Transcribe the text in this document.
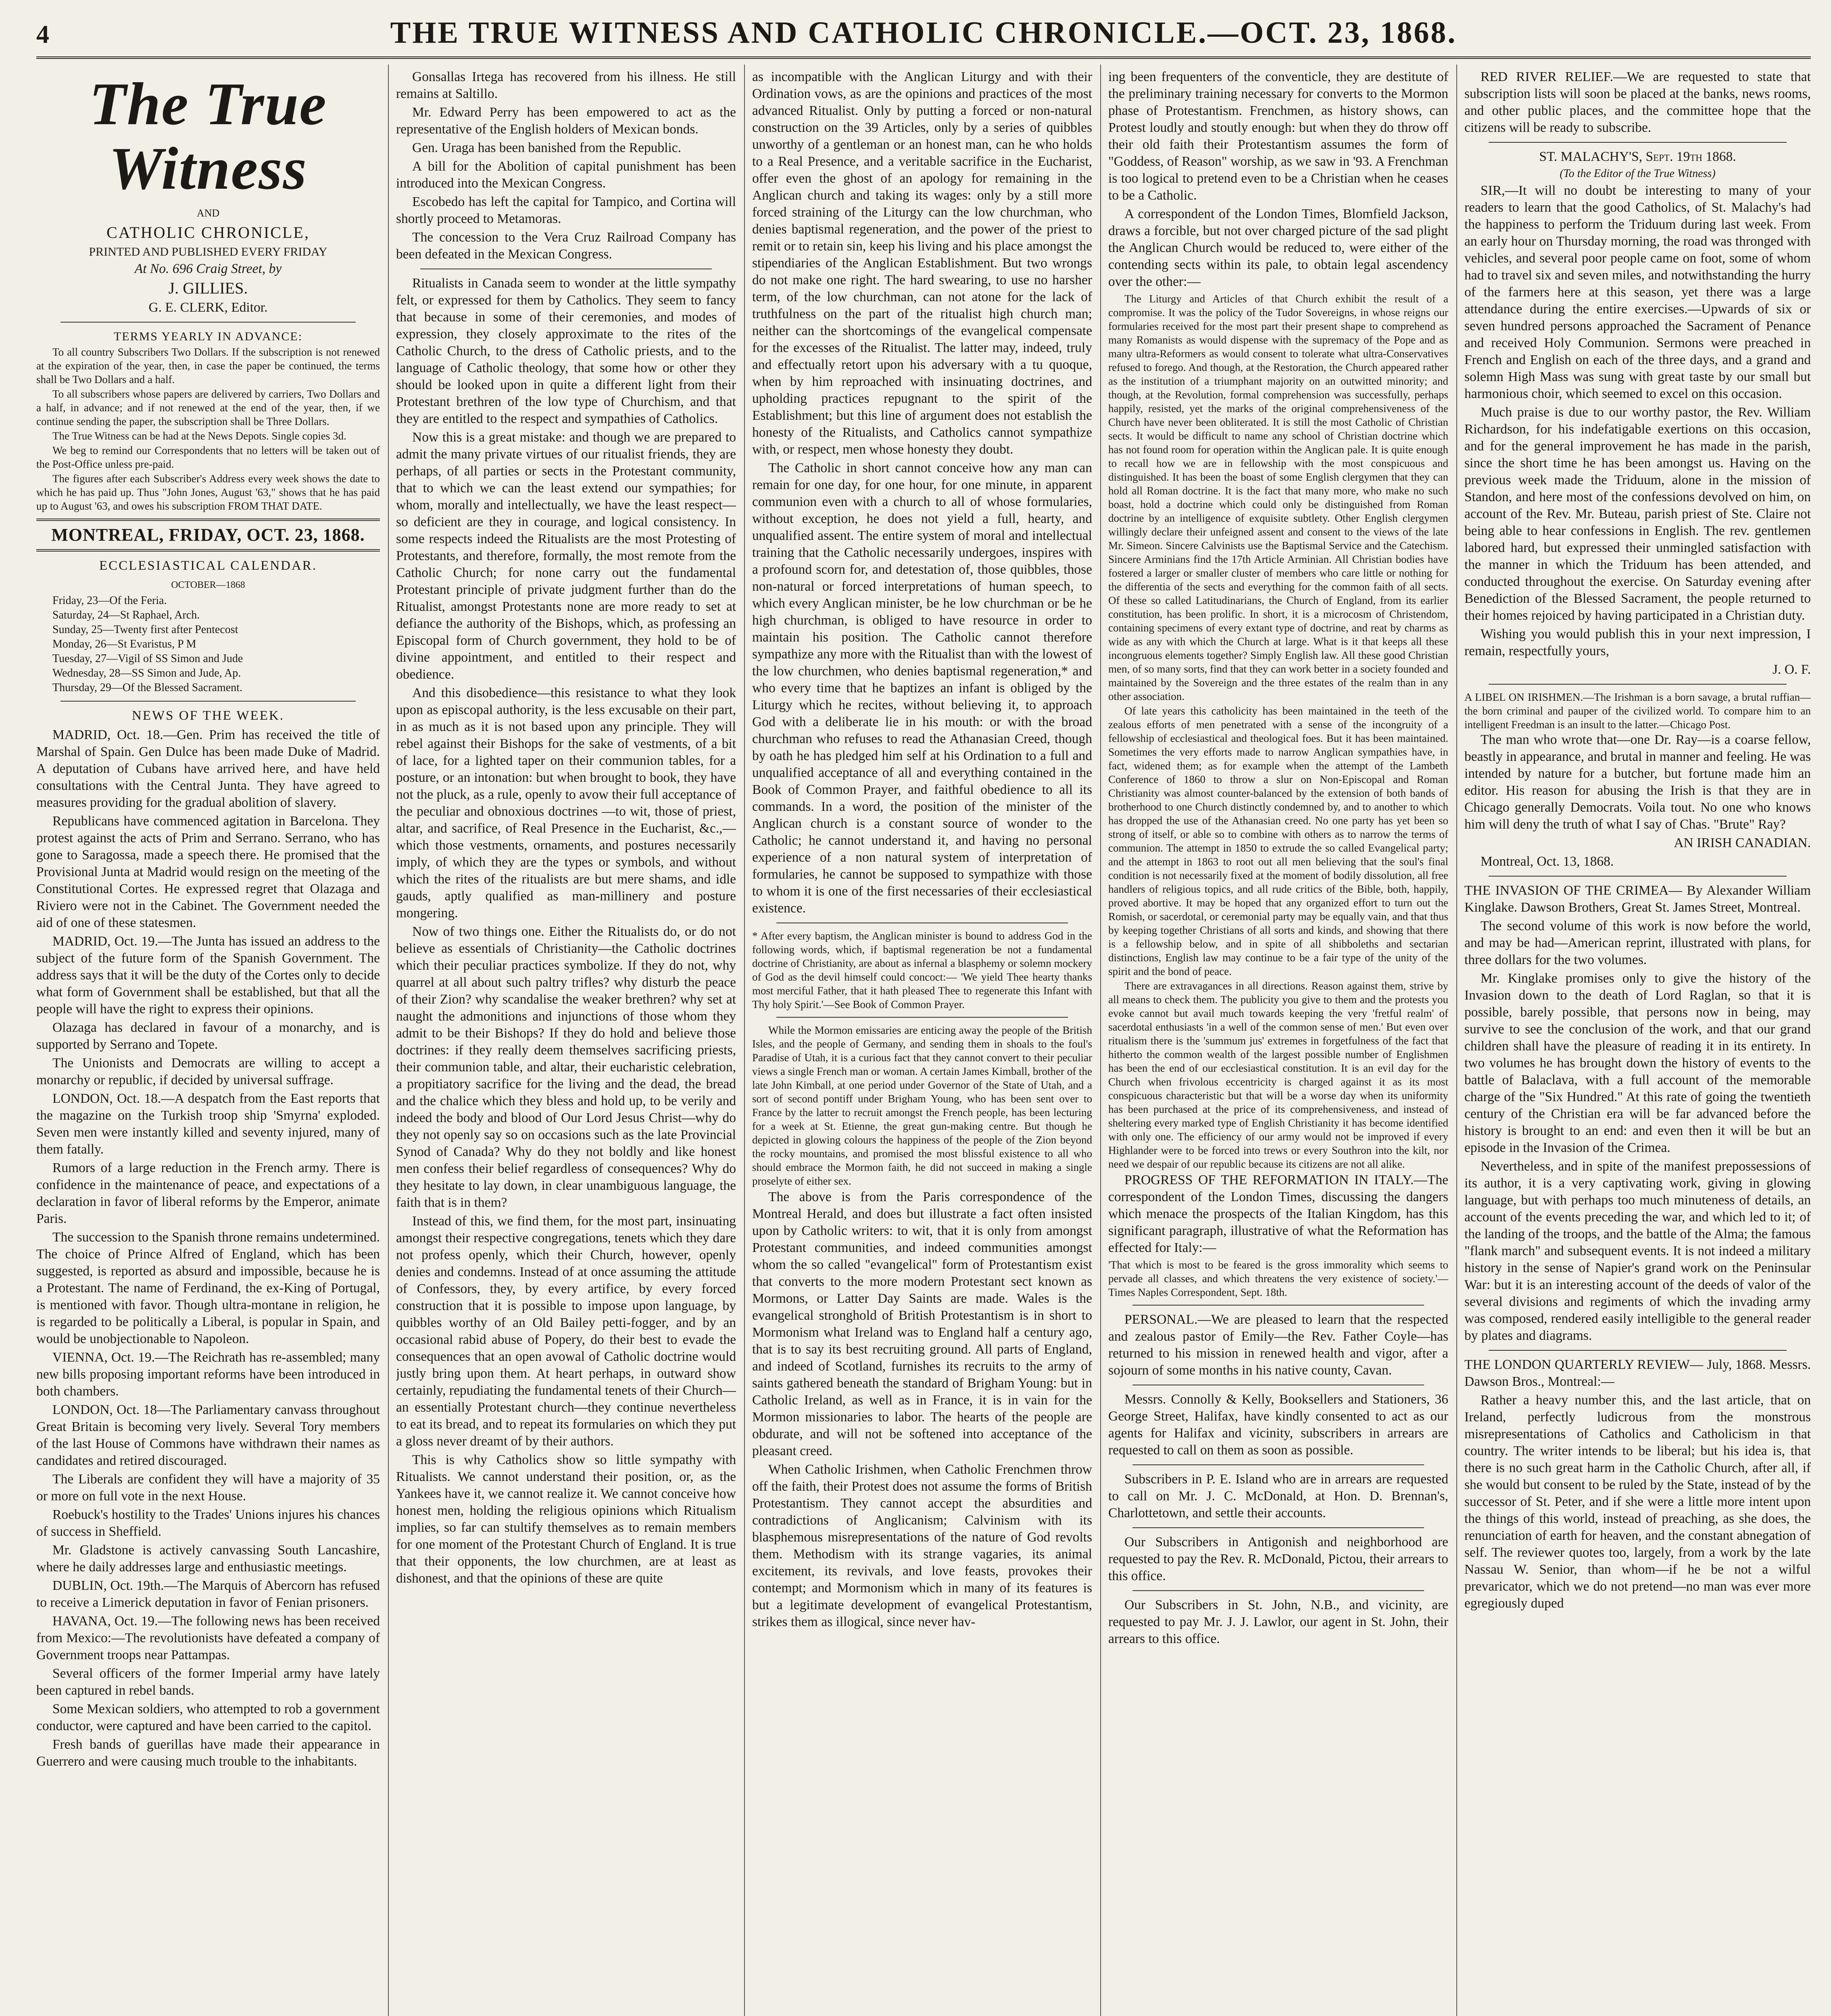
4	THE TRUE WITNESS AND CATHOLIC CHRONICLE.—OCT. 23, 1868.
The True Witness
AND
CATHOLIC CHRONICLE,
PRINTED AND PUBLISHED EVERY FRIDAY
At No. 696 Craig Street, by
J. GILLIES.
G. E. CLERK, Editor.
TERMS YEARLY IN ADVANCE:

To all country Subscribers Two Dollars. If the subscription is not renewed at the expiration of the year, then, in case the paper be continued, the terms shall be Two Dollars and a half.

To all subscribers whose papers are delivered by carriers, Two Dollars and a half, in advance; and if not renewed at the end of the year, then, if we continue sending the paper, the subscription shall be Three Dollars.

The True Witness can be had at the News Depots. Single copies 3d.

We beg to remind our Correspondents that no letters will be taken out of the Post-Office unless pre-paid.

The figures after each Subscriber's Address every week shows the date to which he has paid up. Thus "John Jones, August '63," shows that he has paid up to August '63, and owes his subscription FROM THAT DATE.

MONTREAL, FRIDAY, OCT. 23, 1868.
ECCLESIASTICAL CALENDAR.
OCTOBER—1868
Friday, 23—Of the Feria.
Saturday, 24—St Raphael, Arch.
Sunday, 25—Twenty first after Pentecost
Monday, 26—St Evaristus, P M
Tuesday, 27—Vigil of SS Simon and Jude
Wednesday, 28—SS Simon and Jude, Ap.
Thursday, 29—Of the Blessed Sacrament.
NEWS OF THE WEEK.

MADRID, Oct. 18.—Gen. Prim has received the title of Marshal of Spain. Gen Dulce has been made Duke of Madrid. A deputation of Cubans have arrived here, and have held consultations with the Central Junta. They have agreed to measures providing for the gradual abolition of slavery.

Republicans have commenced agitation in Barcelona. They protest against the acts of Prim and Serrano. Serrano, who has gone to Saragossa, made a speech there. He promised that the Provisional Junta at Madrid would resign on the meeting of the Constitutional Cortes. He expressed regret that Olazaga and Riviero were not in the Cabinet. The Government needed the aid of one of these statesmen.

MADRID, Oct. 19.—The Junta has issued an address to the subject of the future form of the Spanish Government. The address says that it will be the duty of the Cortes only to decide what form of Government shall be established, but that all the people will have the right to express their opinions.

Olazaga has declared in favour of a monarchy, and is supported by Serrano and Topete.

The Unionists and Democrats are willing to accept a monarchy or republic, if decided by universal suffrage.

LONDON, Oct. 18.—A despatch from the East reports that the magazine on the Turkish troop ship 'Smyrna' exploded. Seven men were instantly killed and seventy injured, many of them fatally.

Rumors of a large reduction in the French army. There is confidence in the maintenance of peace, and expectations of a declaration in favor of liberal reforms by the Emperor, animate Paris.

The succession to the Spanish throne remains undetermined. The choice of Prince Alfred of England, which has been suggested, is reported as absurd and impossible, because he is a Protestant. The name of Ferdinand, the ex-King of Portugal, is mentioned with favor. Though ultra-montane in religion, he is regarded to be politically a Liberal, is popular in Spain, and would be unobjectionable to Napoleon.

VIENNA, Oct. 19.—The Reichrath has re-assembled; many new bills proposing important reforms have been introduced in both chambers.

LONDON, Oct. 18—The Parliamentary canvass throughout Great Britain is becoming very lively. Several Tory members of the last House of Commons have withdrawn their names as candidates and retired discouraged.

The Liberals are confident they will have a majority of 35 or more on full vote in the next House.

Roebuck's hostility to the Trades' Unions injures his chances of success in Sheffield.

Mr. Gladstone is actively canvassing South Lancashire, where he daily addresses large and enthusiastic meetings.

DUBLIN, Oct. 19th.—The Marquis of Abercorn has refused to receive a Limerick deputation in favor of Fenian prisoners.

HAVANA, Oct. 19.—The following news has been received from Mexico:—The revolutionists have defeated a company of Government troops near Pattampas.

Several officers of the former Imperial army have lately been captured in rebel bands.

Some Mexican soldiers, who attempted to rob a government conductor, were captured and have been carried to the capitol.

Fresh bands of guerillas have made their appearance in Guerrero and were causing much trouble to the inhabitants.

Gonsallas Irtega has recovered from his illness. He still remains at Saltillo.

Mr. Edward Perry has been empowered to act as the representative of the English holders of Mexican bonds.

Gen. Uraga has been banished from the Republic.

A bill for the Abolition of capital punishment has been introduced into the Mexican Congress.

Escobedo has left the capital for Tampico, and Cortina will shortly proceed to Metamoras.

The concession to the Vera Cruz Railroad Company has been defeated in the Mexican Congress.

Ritualists in Canada seem to wonder at the little sympathy felt, or expressed for them by Catholics. They seem to fancy that because in some of their ceremonies, and modes of expression, they closely approximate to the rites of the Catholic Church, to the dress of Catholic priests, and to the language of Catholic theology, that some how or other they should be looked upon in quite a different light from their Protestant brethren of the low type of Churchism, and that they are entitled to the respect and sympathies of Catholics.

Now this is a great mistake: and though we are prepared to admit the many private virtues of our ritualist friends, they are perhaps, of all parties or sects in the Protestant community, that to which we can the least extend our sympathies; for whom, morally and intellectually, we have the least respect—so deficient are they in courage, and logical consistency. In some respects indeed the Ritualists are the most Protesting of Protestants, and therefore, formally, the most remote from the Catholic Church; for none carry out the fundamental Protestant principle of private judgment further than do the Ritualist, amongst Protestants none are more ready to set at defiance the authority of the Bishops, which, as professing an Episcopal form of Church government, they hold to be of divine appointment, and entitled to their respect and obedience.

And this disobedience—this resistance to what they look upon as episcopal authority, is the less excusable on their part, in as much as it is not based upon any principle. They will rebel against their Bishops for the sake of vestments, of a bit of lace, for a lighted taper on their communion tables, for a posture, or an intonation: but when brought to book, they have not the pluck, as a rule, openly to avow their full acceptance of the peculiar and obnoxious doctrines —to wit, those of priest, altar, and sacrifice, of Real Presence in the Eucharist, &c.,—which those vestments, ornaments, and postures necessarily imply, of which they are the types or symbols, and without which the rites of the ritualists are but mere shams, and idle gauds, aptly qualified as man-millinery and posture mongering.

Now of two things one. Either the Ritualists do, or do not believe as essentials of Christianity—the Catholic doctrines which their peculiar practices symbolize. If they do not, why quarrel at all about such paltry trifles? why disturb the peace of their Zion? why scandalise the weaker brethren? why set at naught the admonitions and injunctions of those whom they admit to be their Bishops? If they do hold and believe those doctrines: if they really deem themselves sacrificing priests, their communion table, and altar, their eucharistic celebration, a propitiatory sacrifice for the living and the dead, the bread and the chalice which they bless and hold up, to be verily and indeed the body and blood of Our Lord Jesus Christ—why do they not openly say so on occasions such as the late Provincial Synod of Canada? Why do they not boldly and like honest men confess their belief regardless of consequences? Why do they hesitate to lay down, in clear unambiguous language, the faith that is in them?

Instead of this, we find them, for the most part, insinuating amongst their respective congregations, tenets which they dare not profess openly, which their Church, however, openly denies and condemns. Instead of at once assuming the attitude of Confessors, they, by every artifice, by every forced construction that it is possible to impose upon language, by quibbles worthy of an Old Bailey petti-fogger, and by an occasional rabid abuse of Popery, do their best to evade the consequences that an open avowal of Catholic doctrine would justly bring upon them. At heart perhaps, in outward show certainly, repudiating the fundamental tenets of their Church—an essentially Protestant church—they continue nevertheless to eat its bread, and to repeat its formularies on which they put a gloss never dreamt of by their authors.

This is why Catholics show so little sympathy with Ritualists. We cannot understand their position, or, as the Yankees have it, we cannot realize it. We cannot conceive how honest men, holding the religious opinions which Ritualism implies, so far can stultify themselves as to remain members for one moment of the Protestant Church of England. It is true that their opponents, the low churchmen, are at least as dishonest, and that the opinions of these are quite

as incompatible with the Anglican Liturgy and with their Ordination vows, as are the opinions and practices of the most advanced Ritualist. Only by putting a forced or non-natural construction on the 39 Articles, only by a series of quibbles unworthy of a gentleman or an honest man, can he who holds to a Real Presence, and a veritable sacrifice in the Eucharist, offer even the ghost of an apology for remaining in the Anglican church and taking its wages: only by a still more forced straining of the Liturgy can the low churchman, who denies baptismal regeneration, and the power of the priest to remit or to retain sin, keep his living and his place amongst the stipendiaries of the Anglican Establishment. But two wrongs do not make one right. The hard swearing, to use no harsher term, of the low churchman, can not atone for the lack of truthfulness on the part of the ritualist high church man; neither can the shortcomings of the evangelical compensate for the excesses of the Ritualist. The latter may, indeed, truly and effectually retort upon his adversary with a tu quoque, when by him reproached with insinuating doctrines, and upholding practices repugnant to the spirit of the Establishment; but this line of argument does not establish the honesty of the Ritualists, and Catholics cannot sympathize with, or respect, men whose honesty they doubt.

The Catholic in short cannot conceive how any man can remain for one day, for one hour, for one minute, in apparent communion even with a church to all of whose formularies, without exception, he does not yield a full, hearty, and unqualified assent. The entire system of moral and intellectual training that the Catholic necessarily undergoes, inspires with a profound scorn for, and detestation of, those quibbles, those non-natural or forced interpretations of human speech, to which every Anglican minister, be he low churchman or be he high churchman, is obliged to have resource in order to maintain his position. The Catholic cannot therefore sympathize any more with the Ritualist than with the lowest of the low churchmen, who denies baptismal regeneration,* and who every time that he baptizes an infant is obliged by the Liturgy which he recites, without believing it, to approach God with a deliberate lie in his mouth: or with the broad churchman who refuses to read the Athanasian Creed, though by oath he has pledged him self at his Ordination to a full and unqualified acceptance of all and everything contained in the Book of Common Prayer, and faithful obedience to all its commands. In a word, the position of the minister of the Anglican church is a constant source of wonder to the Catholic; he cannot understand it, and having no personal experience of a non natural system of interpretation of formularies, he cannot be supposed to sympathize with those to whom it is one of the first necessaries of their ecclesiastical existence.

* After every baptism, the Anglican minister is bound to address God in the following words, which, if baptismal regeneration be not a fundamental doctrine of Christianity, are about as infernal a blasphemy or solemn mockery of God as the devil himself could concoct:— 'We yield Thee hearty thanks most merciful Father, that it hath pleased Thee to regenerate this Infant with Thy holy Spirit.'—See Book of Common Prayer.

While the Mormon emissaries are enticing away the people of the British Isles, and the people of Germany, and sending them in shoals to the foul's Paradise of Utah, it is a curious fact that they cannot convert to their peculiar views a single French man or woman. A certain James Kimball, brother of the late John Kimball, at one period under Governor of the State of Utah, and a sort of second pontiff under Brigham Young, who has been sent over to France by the latter to recruit amongst the French people, has been lecturing for a week at St. Etienne, the great gun-making centre. But though he depicted in glowing colours the happiness of the people of the Zion beyond the rocky mountains, and promised the most blissful existence to all who should embrace the Mormon faith, he did not succeed in making a single proselyte of either sex.

The above is from the Paris correspondence of the Montreal Herald, and does but illustrate a fact often insisted upon by Catholic writers: to wit, that it is only from amongst Protestant communities, and indeed communities amongst whom the so called "evangelical" form of Protestantism exist that converts to the more modern Protestant sect known as Mormons, or Latter Day Saints are made. Wales is the evangelical stronghold of British Protestantism is in short to Mormonism what Ireland was to England half a century ago, that is to say its best recruiting ground. All parts of England, and indeed of Scotland, furnishes its recruits to the army of saints gathered beneath the standard of Brigham Young: but in Catholic Ireland, as well as in France, it is in vain for the Mormon missionaries to labor. The hearts of the people are obdurate, and will not be softened into acceptance of the pleasant creed.

When Catholic Irishmen, when Catholic Frenchmen throw off the faith, their Protest does not assume the forms of British Protestantism. They cannot accept the absurdities and contradictions of Anglicanism; Calvinism with its blasphemous misrepresentations of the nature of God revolts them. Methodism with its strange vagaries, its animal excitement, its revivals, and love feasts, provokes their contempt; and Mormonism which in many of its features is but a legitimate development of evangelical Protestantism, strikes them as illogical, since never hav-

ing been frequenters of the conventicle, they are destitute of the preliminary training necessary for converts to the Mormon phase of Protestantism. Frenchmen, as history shows, can Protest loudly and stoutly enough: but when they do throw off their old faith their Protestantism assumes the form of "Goddess, of Reason" worship, as we saw in '93. A Frenchman is too logical to pretend even to be a Christian when he ceases to be a Catholic.

A correspondent of the London Times, Blomfield Jackson, draws a forcible, but not over charged picture of the sad plight the Anglican Church would be reduced to, were either of the contending sects within its pale, to obtain legal ascendency over the other:—

The Liturgy and Articles of that Church exhibit the result of a compromise. It was the policy of the Tudor Sovereigns, in whose reigns our formularies received for the most part their present shape to comprehend as many Romanists as would dispense with the supremacy of the Pope and as many ultra-Reformers as would consent to tolerate what ultra-Conservatives refused to forego. And though, at the Restoration, the Church appeared rather as the institution of a triumphant majority on an outwitted minority; and though, at the Revolution, formal comprehension was successfully, perhaps happily, resisted, yet the marks of the original comprehensiveness of the Church have never been obliterated. It is still the most Catholic of Christian sects. It would be difficult to name any school of Christian doctrine which has not found room for operation within the Anglican pale. It is quite enough to recall how we are in fellowship with the most conspicuous and distinguished. It has been the boast of some English clergymen that they can hold all Roman doctrine. It is the fact that many more, who make no such boast, hold a doctrine which could only be distinguished from Roman doctrine by an intelligence of exquisite subtlety. Other English clergymen willingly declare their unfeigned assent and consent to the views of the late Mr. Simeon. Sincere Calvinists use the Baptismal Service and the Catechism. Sincere Arminians find the 17th Article Arminian. All Christian bodies have fostered a larger or smaller cluster of members who care little or nothing for the differentia of the sects and everything for the common faith of all sects. Of these so called Latitudinarians, the Church of England, from its earlier constitution, has been prolific. In short, it is a microcosm of Christendom, containing specimens of every extant type of doctrine, and reat by charms as wide as any with which the Church at large. What is it that keeps all these incongruous elements together? Simply English law. All these good Christian men, of so many sorts, find that they can work better in a society founded and maintained by the Sovereign and the three estates of the realm than in any other association.

Of late years this catholicity has been maintained in the teeth of the zealous efforts of men penetrated with a sense of the incongruity of a fellowship of ecclesiastical and theological foes. But it has been maintained. Sometimes the very efforts made to narrow Anglican sympathies have, in fact, widened them; as for example when the attempt of the Lambeth Conference of 1860 to throw a slur on Non-Episcopal and Roman Christianity was almost counter-balanced by the extension of both bands of brotherhood to one Church distinctly condemned by, and to another to which has dropped the use of the Athanasian creed. No one party has yet been so strong of itself, or able so to combine with others as to narrow the terms of communion. The attempt in 1850 to extrude the so called Evangelical party; and the attempt in 1863 to root out all men believing that the soul's final condition is not necessarily fixed at the moment of bodily dissolution, all free handlers of religious topics, and all rude critics of the Bible, both, happily, proved abortive. It may be hoped that any organized effort to turn out the Romish, or sacerdotal, or ceremonial party may be equally vain, and that thus by keeping together Christians of all sorts and kinds, and showing that there is a fellowship below, and in spite of all shibboleths and sectarian distinctions, English law may continue to be a fair type of the unity of the spirit and the bond of peace.

There are extravagances in all directions. Reason against them, strive by all means to check them. The publicity you give to them and the protests you evoke cannot but avail much towards keeping the very 'fretful realm' of sacerdotal enthusiasts 'in a well of the common sense of men.' But even over ritualism there is the 'summum jus' extremes in forgetfulness of the fact that hitherto the common wealth of the largest possible number of Englishmen has been the end of our ecclesiastical constitution. It is an evil day for the Church when frivolous eccentricity is charged against it as its most conspicuous characteristic but that will be a worse day when its uniformity has been purchased at the price of its comprehensiveness, and instead of sheltering every marked type of English Christianity it has become identified with only one. The efficiency of our army would not be improved if every Highlander were to be forced into trews or every Southron into the kilt, nor need we despair of our republic because its citizens are not all alike.

PROGRESS OF THE REFORMATION IN ITALY.—The correspondent of the London Times, discussing the dangers which menace the prospects of the Italian Kingdom, has this significant paragraph, illustrative of what the Reformation has effected for Italy:—

'That which is most to be feared is the gross immorality which seems to pervade all classes, and which threatens the very existence of society.'—Times Naples Correspondent, Sept. 18th.

PERSONAL.—We are pleased to learn that the respected and zealous pastor of Emily—the Rev. Father Coyle—has returned to his mission in renewed health and vigor, after a sojourn of some months in his native county, Cavan.

Messrs. Connolly & Kelly, Booksellers and Stationers, 36 George Street, Halifax, have kindly consented to act as our agents for Halifax and vicinity, subscribers in arrears are requested to call on them as soon as possible.

Subscribers in P. E. Island who are in arrears are requested to call on Mr. J. C. McDonald, at Hon. D. Brennan's, Charlottetown, and settle their accounts.

Our Subscribers in Antigonish and neighborhood are requested to pay the Rev. R. McDonald, Pictou, their arrears to this office.

Our Subscribers in St. John, N.B., and vicinity, are requested to pay Mr. J. J. Lawlor, our agent in St. John, their arrears to this office.

RED RIVER RELIEF.—We are requested to state that subscription lists will soon be placed at the banks, news rooms, and other public places, and the committee hope that the citizens will be ready to subscribe.

ST. MALACHY'S, Sept. 19th 1868.
(To the Editor of the True Witness)

SIR,—It will no doubt be interesting to many of your readers to learn that the good Catholics, of St. Malachy's had the happiness to perform the Triduum during last week. From an early hour on Thursday morning, the road was thronged with vehicles, and several poor people came on foot, some of whom had to travel six and seven miles, and notwithstanding the hurry of the farmers here at this season, yet there was a large attendance during the entire exercises.—Upwards of six or seven hundred persons approached the Sacrament of Penance and received Holy Communion. Sermons were preached in French and English on each of the three days, and a grand and solemn High Mass was sung with great taste by our small but harmonious choir, which seemed to excel on this occasion.

Much praise is due to our worthy pastor, the Rev. William Richardson, for his indefatigable exertions on this occasion, and for the general improvement he has made in the parish, since the short time he has been amongst us. Having on the previous week made the Triduum, alone in the mission of Standon, and here most of the confessions devolved on him, on account of the Rev. Mr. Buteau, parish priest of Ste. Claire not being able to hear confessions in English. The rev. gentlemen labored hard, but expressed their unmingled satisfaction with the manner in which the Triduum has been attended, and conducted throughout the exercise. On Saturday evening after Benediction of the Blessed Sacrament, the people returned to their homes rejoiced by having participated in a Christian duty.

Wishing you would publish this in your next impression, I remain, respectfully yours,

J. O. F.

A LIBEL ON IRISHMEN.—The Irishman is a born savage, a brutal ruffian—the born criminal and pauper of the civilized world. To compare him to an intelligent Freedman is an insult to the latter.—Chicago Post.

The man who wrote that—one Dr. Ray—is a coarse fellow, beastly in appearance, and brutal in manner and feeling. He was intended by nature for a butcher, but fortune made him an editor. His reason for abusing the Irish is that they are in Chicago generally Democrats. Voila tout. No one who knows him will deny the truth of what I say of Chas. "Brute" Ray?

AN IRISH CANADIAN.

Montreal, Oct. 13, 1868.

THE INVASION OF THE CRIMEA— By Alexander William Kinglake. Dawson Brothers, Great St. James Street, Montreal.

The second volume of this work is now before the world, and may be had—American reprint, illustrated with plans, for three dollars for the two volumes.

Mr. Kinglake promises only to give the history of the Invasion down to the death of Lord Raglan, so that it is possible, barely possible, that persons now in being, may survive to see the conclusion of the work, and that our grand children shall have the pleasure of reading it in its entirety. In two volumes he has brought down the history of events to the battle of Balaclava, with a full account of the memorable charge of the "Six Hundred." At this rate of going the twentieth century of the Christian era will be far advanced before the history is brought to an end: and even then it will be but an episode in the Invasion of the Crimea.

Nevertheless, and in spite of the manifest prepossessions of its author, it is a very captivating work, giving in glowing language, but with perhaps too much minuteness of details, an account of the events preceding the war, and which led to it; of the landing of the troops, and the battle of the Alma; the famous "flank march" and subsequent events. It is not indeed a military history in the sense of Napier's grand work on the Peninsular War: but it is an interesting account of the deeds of valor of the several divisions and regiments of which the invading army was composed, rendered easily intelligible to the general reader by plates and diagrams.

THE LONDON QUARTERLY REVIEW— July, 1868. Messrs. Dawson Bros., Montreal:—

Rather a heavy number this, and the last article, that on Ireland, perfectly ludicrous from the monstrous misrepresentations of Catholics and Catholicism in that country. The writer intends to be liberal; but his idea is, that there is no such great harm in the Catholic Church, after all, if she would but consent to be ruled by the State, instead of by the successor of St. Peter, and if she were a little more intent upon the things of this world, instead of preaching, as she does, the renunciation of earth for heaven, and the constant abnegation of self. The reviewer quotes too, largely, from a work by the late Nassau W. Senior, than whom—if he be not a wilful prevaricator, which we do not pretend—no man was ever more egregiously duped
